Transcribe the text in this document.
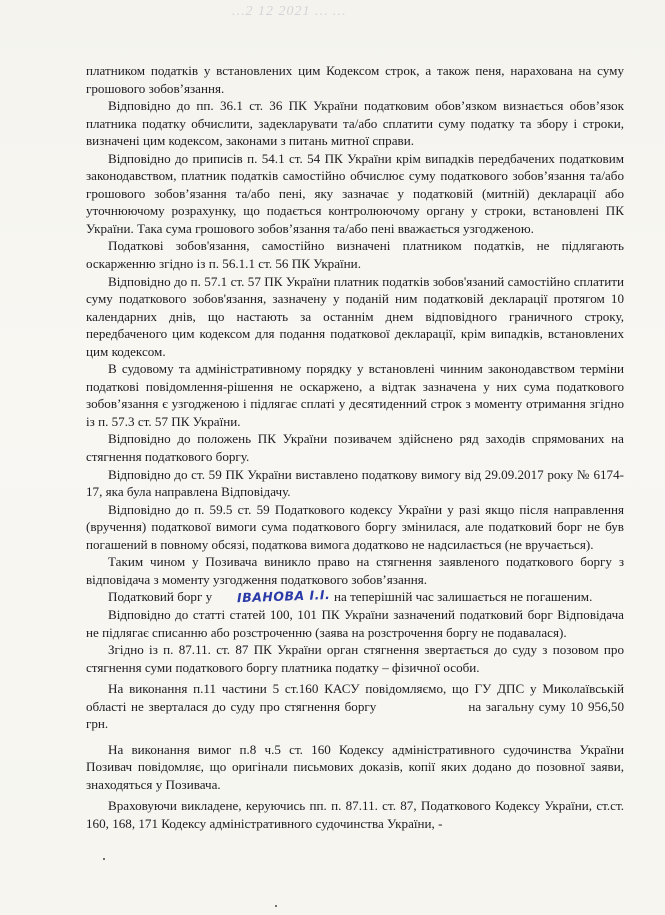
…2 12 2021 … …

платником податків у встановлених цим Кодексом строк, а також пеня, нарахована на суму грошового зобов’язання.

Відповідно до пп. 36.1 ст. 36 ПК України податковим обов’язком визнається обов’язок платника податку обчислити, задекларувати та/або сплатити суму податку та збору і строки, визначені цим кодексом, законами з питань митної справи.

Відповідно до приписів п. 54.1 ст. 54 ПК України крім випадків передбачених податковим законодавством, платник податків самостійно обчислює суму податкового зобов’язання та/або грошового зобов’язання та/або пені, яку зазначає у податковій (митній) декларації або уточнюючому розрахунку, що подається контролюючому органу у строки, встановлені ПК України. Така сума грошового зобов’язання та/або пені вважається узгодженою.

Податкові зобов'язання, самостійно визначені платником податків, не підлягають оскарженню згідно із п. 56.1.1 ст. 56 ПК України.

Відповідно до п. 57.1 ст. 57 ПК України платник податків зобов'язаний самостійно сплатити суму податкового зобов'язання, зазначену у поданій ним податковій декларації протягом 10 календарних днів, що настають за останнім днем відповідного граничного строку, передбаченого цим кодексом для подання податкової декларації, крім випадків, встановлених цим кодексом.

В судовому та адміністративному порядку у встановлені чинним законодавством терміни податкові повідомлення-рішення не оскаржено, а відтак зазначена у них сума податкового зобов’язання є узгодженою і підлягає сплаті у десятиденний строк з моменту отримання згідно із п. 57.3 ст. 57 ПК України.

Відповідно до положень ПК України позивачем здійснено ряд заходів спрямованих на стягнення податкового боргу.

Відповідно до ст. 59 ПК України виставлено податкову вимогу від 29.09.2017 року № 6174-17, яка була направлена Відповідачу.

Відповідно до п. 59.5 ст. 59 Податкового кодексу України у разі якщо після направлення (вручення) податкової вимоги сума податкового боргу змінилася, але податковий борг не був погашений в повному обсязі, податкова вимога додатково не надсилається (не вручається).

Таким чином у Позивача виникло право на стягнення заявленого податкового боргу з відповідача з моменту узгодження податкового зобов’язання.

Податковий борг у ІВАНОВА І.І. на теперішній час залишається не погашеним.

Відповідно до статті статей 100, 101 ПК України зазначений податковий борг Відповідача не підлягає списанню або розстроченню (заява на розстрочення боргу не подавалася).

Згідно із п. 87.11. ст. 87 ПК України орган стягнення звертається до суду з позовом про стягнення суми податкового боргу платника податку – фізичної особи.

На виконання п.11 частини 5 ст.160 КАСУ повідомляємо, що ГУ ДПС у Миколаївській області не зверталася до суду про стягнення боргу	на загальну суму 10 956,50 грн.

На виконання вимог п.8 ч.5 ст. 160 Кодексу адміністративного судочинства України Позивач повідомляє, що оригінали письмових доказів, копії яких додано до позовної заяви, знаходяться у Позивача.

Враховуючи викладене, керуючись пп. п. 87.11. ст. 87, Податкового Кодексу України, ст.ст. 160, 168, 171 Кодексу адміністративного судочинства України, -
